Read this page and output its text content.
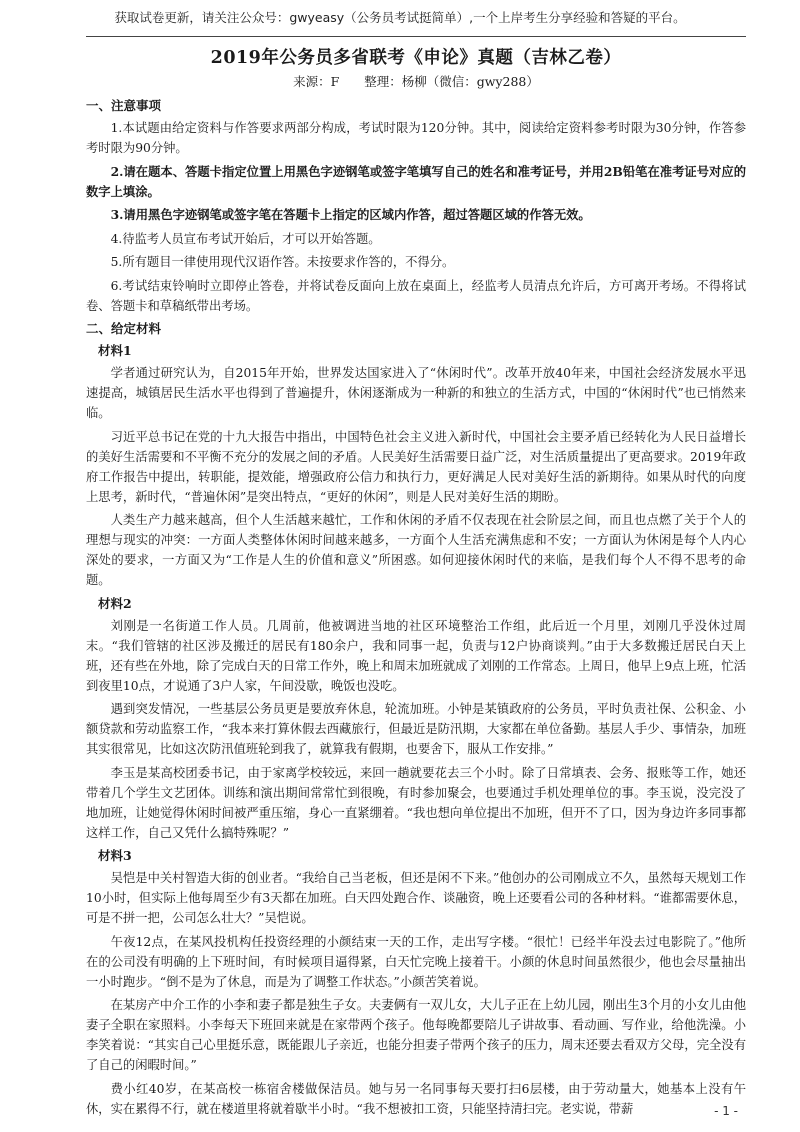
获取试卷更新，请关注公众号：gwyeasy（公务员考试挺简单）,一个上岸考生分享经验和答疑的平台。
2019年公务员多省联考《申论》真题（吉林乙卷）
来源：F　　整理：杨柳（微信：gwy288）
一、注意事项

1.本试题由给定资料与作答要求两部分构成，考试时限为120分钟。其中，阅读给定资料参考时限为30分钟，作答参考时限为90分钟。

2.请在题本、答题卡指定位置上用黑色字迹钢笔或签字笔填写自己的姓名和准考证号，并用2B铅笔在准考证号对应的数字上填涂。

3.请用黑色字迹钢笔或签字笔在答题卡上指定的区域内作答，超过答题区域的作答无效。

4.待监考人员宣布考试开始后，才可以开始答题。

5.所有题目一律使用现代汉语作答。未按要求作答的，不得分。

6.考试结束铃响时立即停止答卷，并将试卷反面向上放在桌面上，经监考人员清点允许后，方可离开考场。不得将试卷、答题卡和草稿纸带出考场。

二、给定材料
材料1

学者通过研究认为，自2015年开始，世界发达国家进入了“休闲时代”。改革开放40年来，中国社会经济发展水平迅速提高，城镇居民生活水平也得到了普遍提升，休闲逐渐成为一种新的和独立的生活方式，中国的“休闲时代”也已悄然来临。

习近平总书记在党的十九大报告中指出，中国特色社会主义进入新时代，中国社会主要矛盾已经转化为人民日益增长的美好生活需要和不平衡不充分的发展之间的矛盾。人民美好生活需要日益广泛，对生活质量提出了更高要求。2019年政府工作报告中提出，转职能，提效能，增强政府公信力和执行力，更好满足人民对美好生活的新期待。如果从时代的向度上思考，新时代，“普遍休闲”是突出特点，“更好的休闲”，则是人民对美好生活的期盼。

人类生产力越来越高，但个人生活越来越忙，工作和休闲的矛盾不仅表现在社会阶层之间，而且也点燃了关于个人的理想与现实的冲突：一方面人类整体休闲时间越来越多，一方面个人生活充满焦虑和不安；一方面认为休闲是每个人内心深处的要求，一方面又为“工作是人生的价值和意义”所困惑。如何迎接休闲时代的来临，是我们每个人不得不思考的命题。

材料2

刘刚是一名街道工作人员。几周前，他被调进当地的社区环境整治工作组，此后近一个月里，刘刚几乎没休过周末。“我们管辖的社区涉及搬迁的居民有180余户，我和同事一起，负责与12户协商谈判。”由于大多数搬迁居民白天上班，还有些在外地，除了完成白天的日常工作外，晚上和周末加班就成了刘刚的工作常态。上周日，他早上9点上班，忙活到夜里10点，才说通了3户人家，午间没歇，晚饭也没吃。

遇到突发情况，一些基层公务员更是要放弃休息，轮流加班。小钟是某镇政府的公务员，平时负责社保、公积金、小额贷款和劳动监察工作，“我本来打算休假去西藏旅行，但最近是防汛期，大家都在单位备勤。基层人手少、事情杂，加班其实很常见，比如这次防汛值班轮到我了，就算我有假期，也要舍下，服从工作安排。”

李玉是某高校团委书记，由于家离学校较远，来回一趟就要花去三个小时。除了日常填表、会务、报账等工作，她还带着几个学生文艺团体。训练和演出期间常常忙到很晚，有时参加聚会，也要通过手机处理单位的事。李玉说，没完没了地加班，让她觉得休闲时间被严重压缩，身心一直紧绷着。“我也想向单位提出不加班，但开不了口，因为身边许多同事都这样工作，自己又凭什么搞特殊呢？”

材料3

吴恺是中关村智造大街的创业者。“我给自己当老板，但还是闲不下来。”他创办的公司刚成立不久，虽然每天规划工作10小时，但实际上他每周至少有3天都在加班。白天四处跑合作、谈融资，晚上还要看公司的各种材料。“谁都需要休息，可是不拼一把，公司怎么壮大？”吴恺说。

午夜12点，在某风投机构任投资经理的小颜结束一天的工作，走出写字楼。“很忙！已经半年没去过电影院了。”他所在的公司没有明确的上下班时间，有时候项目逼得紧，白天忙完晚上接着干。小颜的休息时间虽然很少，他也会尽量抽出一小时跑步。“倒不是为了休息，而是为了调整工作状态。”小颜苦笑着说。

在某房产中介工作的小李和妻子都是独生子女。夫妻俩有一双儿女，大儿子正在上幼儿园，刚出生3个月的小女儿由他妻子全职在家照料。小李每天下班回来就是在家带两个孩子。他每晚都要陪儿子讲故事、看动画、写作业，给他洗澡。小李笑着说：“其实自己心里挺乐意，既能跟儿子亲近，也能分担妻子带两个孩子的压力，周末还要去看双方父母，完全没有了自己的闲暇时间。”

费小红40岁，在某高校一栋宿舍楼做保洁员。她与另一名同事每天要打扫6层楼，由于劳动量大，她基本上没有午休，实在累得不行，就在楼道里将就着歇半小时。“我不想被扣工资，只能坚持清扫完。老实说，带薪	- 1 -
